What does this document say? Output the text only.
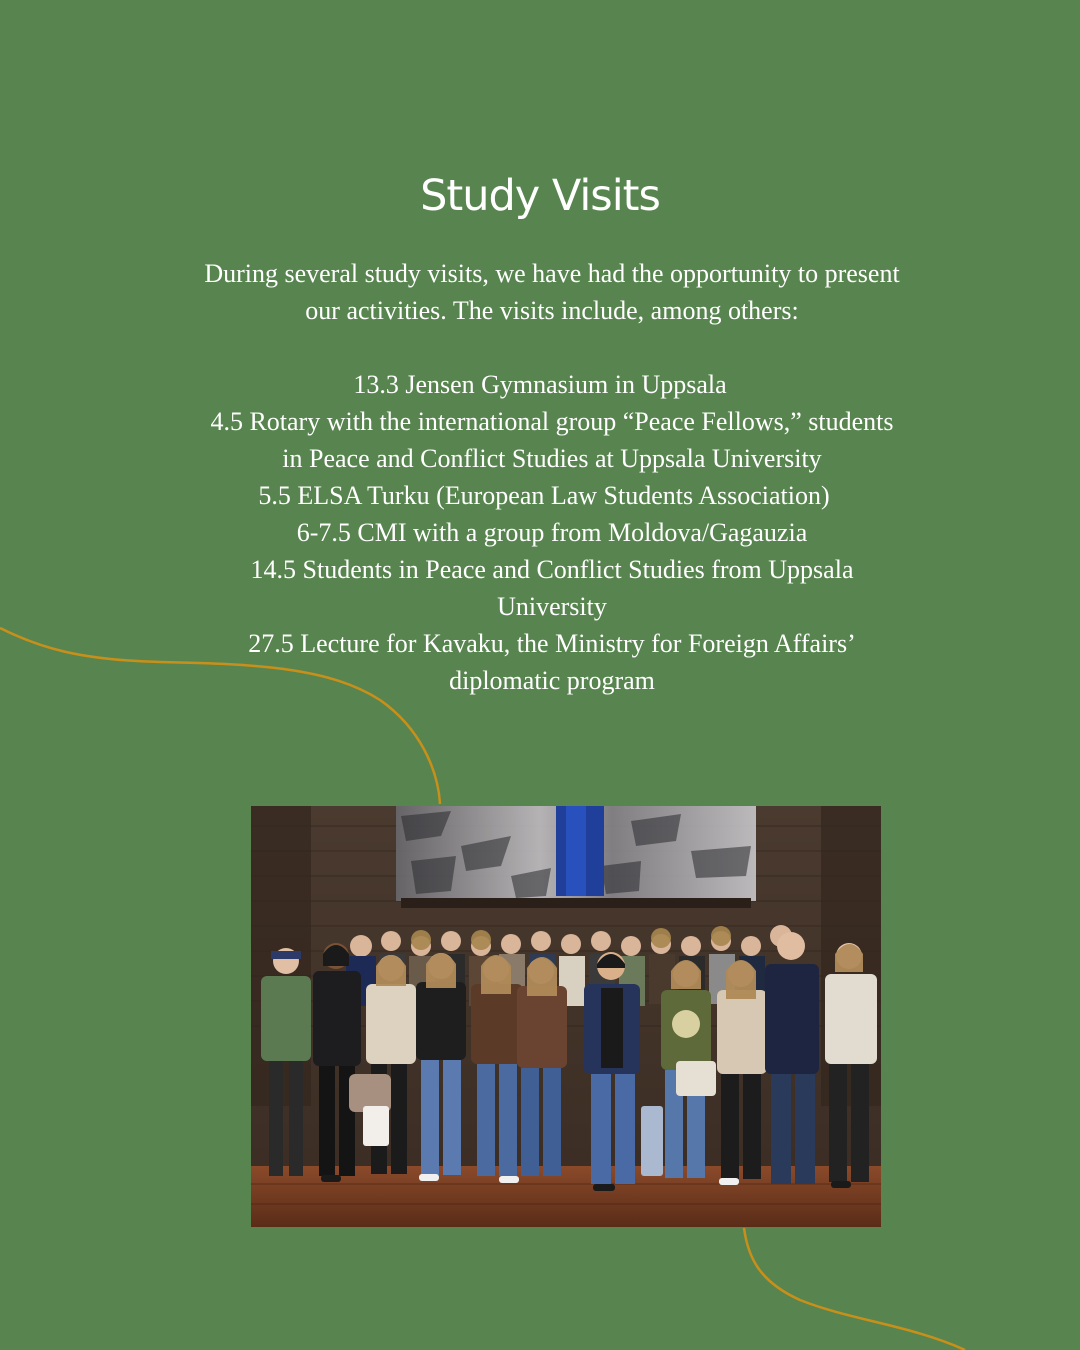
Study Visits

During several study visits, we have had the opportunity to present our activities. The visits include, among others:

13.3 Jensen Gymnasium in Uppsala
4.5 Rotary with the international group “Peace Fellows,” students in Peace and Conflict Studies at Uppsala University
5.5 ELSA Turku (European Law Students Association)
6-7.5 CMI with a group from Moldova/Gagauzia
14.5 Students in Peace and Conflict Studies from Uppsala University
27.5 Lecture for Kavaku, the Ministry for Foreign Affairs’ diplomatic program
